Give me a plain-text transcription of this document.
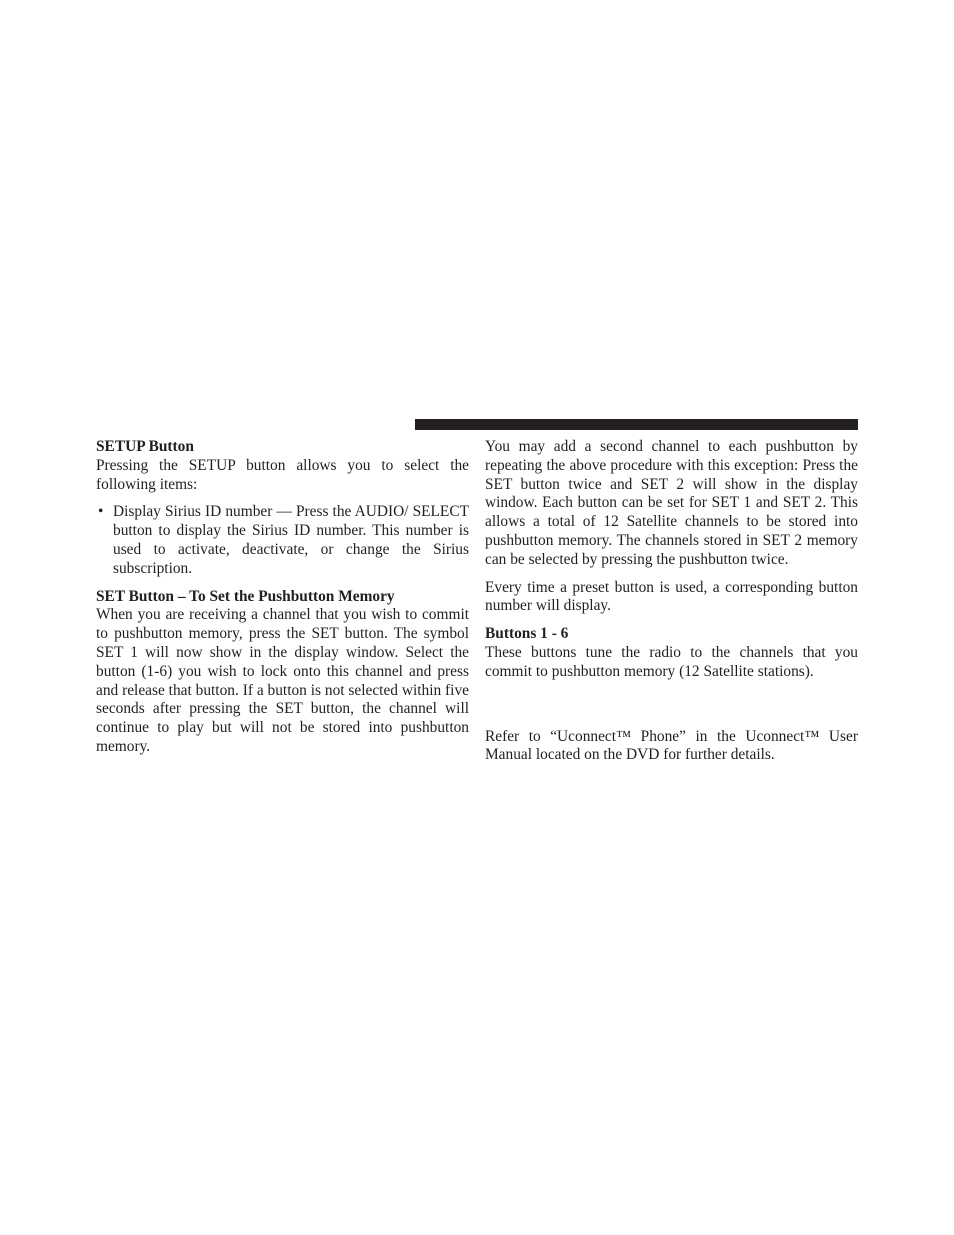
SETUP Button

Pressing the SETUP button allows you to select the following items:

• Display Sirius ID number — Press the AUDIO/ SELECT button to display the Sirius ID number. This number is used to activate, deactivate, or change the Sirius subscription.
SET Button – To Set the Pushbutton Memory

When you are receiving a channel that you wish to commit to pushbutton memory, press the SET button. The symbol SET 1 will now show in the display window. Select the button (1-6) you wish to lock onto this channel and press and release that button. If a button is not selected within five seconds after pressing the SET button, the channel will continue to play but will not be stored into pushbutton memory.

You may add a second channel to each pushbutton by repeating the above procedure with this exception: Press the SET button twice and SET 2 will show in the display window. Each button can be set for SET 1 and SET 2. This allows a total of 12 Satellite channels to be stored into pushbutton memory. The channels stored in SET 2 memory can be selected by pressing the pushbutton twice.

Every time a preset button is used, a corresponding button number will display.

Buttons 1 - 6

These buttons tune the radio to the channels that you commit to pushbutton memory (12 Satellite stations).

Refer to “Uconnect™ Phone” in the Uconnect™ User Manual located on the DVD for further details.
